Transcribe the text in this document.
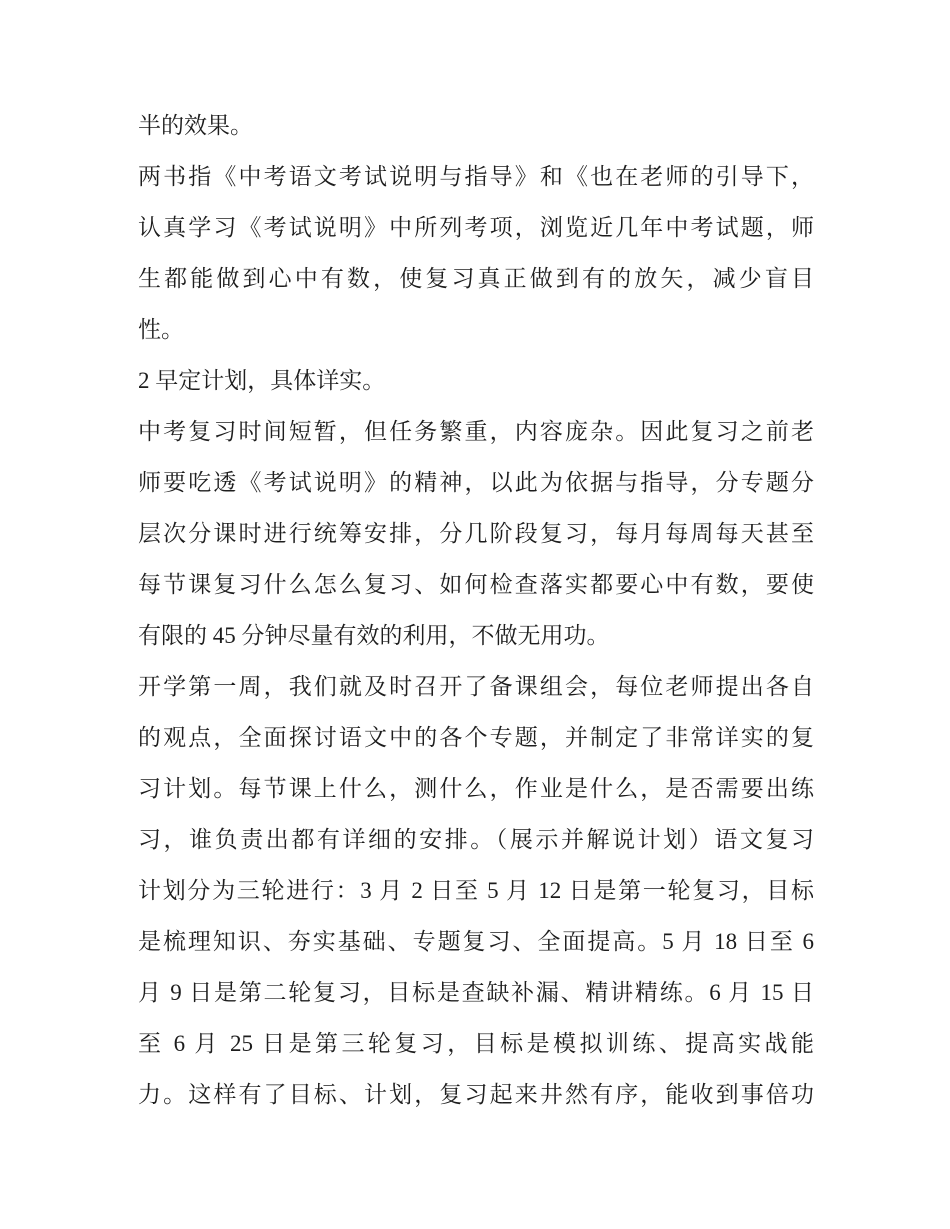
半的效果。
两书指《中考语文考试说明与指导》和《也在老师的引导下，
认真学习《考试说明》中所列考项，浏览近几年中考试题，师
生都能做到心中有数，使复习真正做到有的放矢，减少盲目
性。
2 早定计划，具体详实。
中考复习时间短暂，但任务繁重，内容庞杂。因此复习之前老
师要吃透《考试说明》的精神，以此为依据与指导，分专题分
层次分课时进行统筹安排，分几阶段复习，每月每周每天甚至
每节课复习什么怎么复习、如何检查落实都要心中有数，要使
有限的 45 分钟尽量有效的利用，不做无用功。
开学第一周，我们就及时召开了备课组会，每位老师提出各自
的观点，全面探讨语文中的各个专题，并制定了非常详实的复
习计划。每节课上什么，测什么，作业是什么，是否需要出练
习，谁负责出都有详细的安排。（展示并解说计划）语文复习
计划分为三轮进行：3 月 2 日至 5 月 12 日是第一轮复习，目标
是梳理知识、夯实基础、专题复习、全面提高。5 月 18 日至 6
月 9 日是第二轮复习，目标是查缺补漏、精讲精练。6 月 15 日
至 6 月 25 日是第三轮复习，目标是模拟训练、提高实战能
力。这样有了目标、计划，复习起来井然有序，能收到事倍功
